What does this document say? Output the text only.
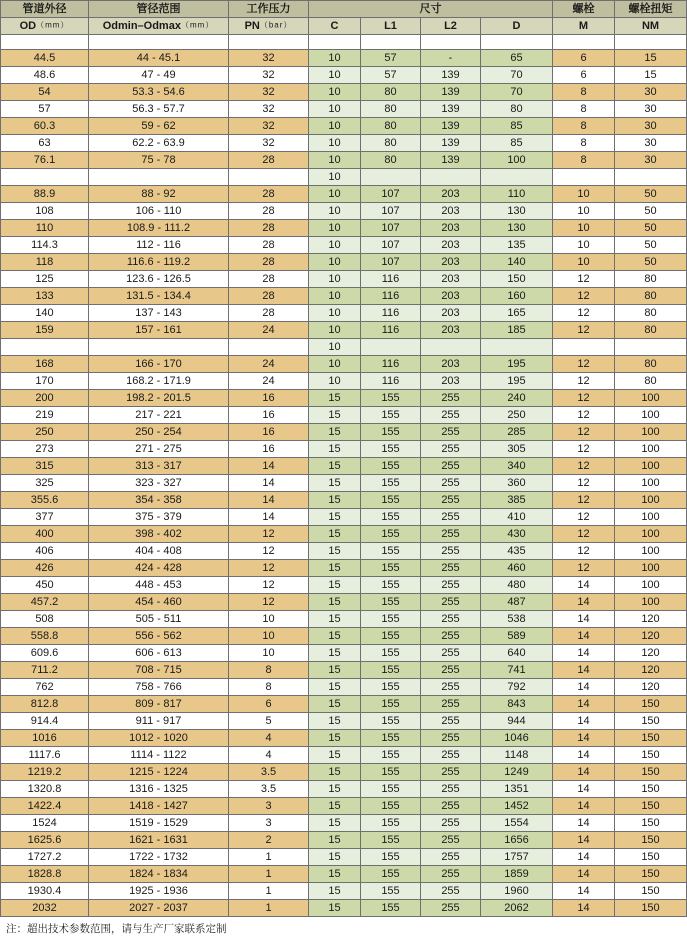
管道外径	管径范围	工作压力	尺寸				螺栓	螺栓扭矩
OD（mm）	Odmin–Odmax（mm）	PN（bar）	C	L1	L2	D	M	NM

44.5	44 - 45.1	32	10	57	-	65	6	15
48.6	47 - 49	32	10	57	139	70	6	15
54	53.3 - 54.6	32	10	80	139	70	8	30
57	56.3 - 57.7	32	10	80	139	80	8	30
60.3	59 - 62	32	10	80	139	85	8	30
63	62.2 - 63.9	32	10	80	139	85	8	30
76.1	75 - 78	28	10	80	139	100	8	30
			10					
88.9	88 - 92	28	10	107	203	110	10	50
108	106 - 110	28	10	107	203	130	10	50
110	108.9 - 111.2	28	10	107	203	130	10	50
114.3	112 - 116	28	10	107	203	135	10	50
118	116.6 - 119.2	28	10	107	203	140	10	50
125	123.6 - 126.5	28	10	116	203	150	12	80
133	131.5 - 134.4	28	10	116	203	160	12	80
140	137 - 143	28	10	116	203	165	12	80
159	157 - 161	24	10	116	203	185	12	80
			10					
168	166 - 170	24	10	116	203	195	12	80
170	168.2 - 171.9	24	10	116	203	195	12	80
200	198.2 - 201.5	16	15	155	255	240	12	100
219	217 - 221	16	15	155	255	250	12	100
250	250 - 254	16	15	155	255	285	12	100
273	271 - 275	16	15	155	255	305	12	100
315	313 - 317	14	15	155	255	340	12	100
325	323 - 327	14	15	155	255	360	12	100
355.6	354 - 358	14	15	155	255	385	12	100
377	375 - 379	14	15	155	255	410	12	100
400	398 - 402	12	15	155	255	430	12	100
406	404 - 408	12	15	155	255	435	12	100
426	424 - 428	12	15	155	255	460	12	100
450	448 - 453	12	15	155	255	480	14	100
457.2	454 - 460	12	15	155	255	487	14	100
508	505 - 511	10	15	155	255	538	14	120
558.8	556 - 562	10	15	155	255	589	14	120
609.6	606 - 613	10	15	155	255	640	14	120
711.2	708 - 715	8	15	155	255	741	14	120
762	758 - 766	8	15	155	255	792	14	120
812.8	809 - 817	6	15	155	255	843	14	150
914.4	911 - 917	5	15	155	255	944	14	150
1016	1012 - 1020	4	15	155	255	1046	14	150
1117.6	1114 - 1122	4	15	155	255	1148	14	150
1219.2	1215 - 1224	3.5	15	155	255	1249	14	150
1320.8	1316 - 1325	3.5	15	155	255	1351	14	150
1422.4	1418 - 1427	3	15	155	255	1452	14	150
1524	1519 - 1529	3	15	155	255	1554	14	150
1625.6	1621 - 1631	2	15	155	255	1656	14	150
1727.2	1722 - 1732	1	15	155	255	1757	14	150
1828.8	1824 - 1834	1	15	155	255	1859	14	150
1930.4	1925 - 1936	1	15	155	255	1960	14	150
2032	2027 - 2037	1	15	155	255	2062	14	150
注：超出技术参数范围，请与生产厂家联系定制
